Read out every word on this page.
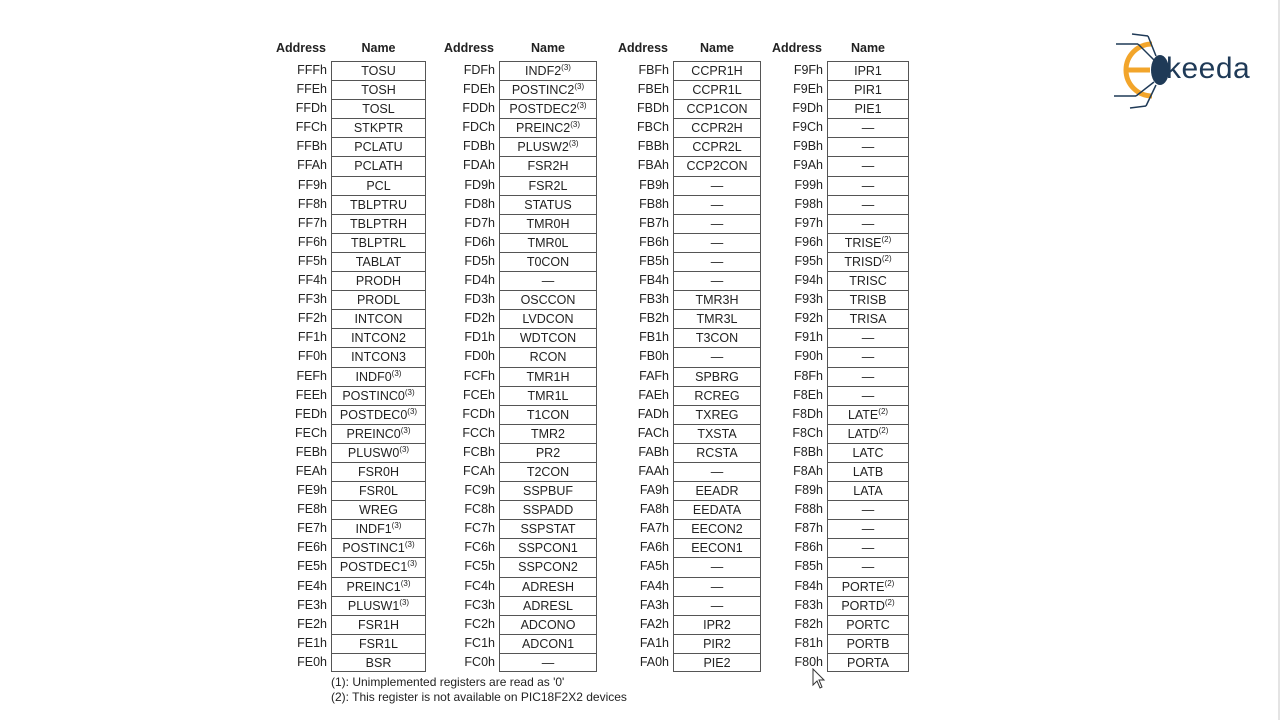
Address	Name
FFFh	TOSU
FFEh	TOSH
FFDh	TOSL
FFCh	STKPTR
FFBh	PCLATU
FFAh	PCLATH
FF9h	PCL
FF8h	TBLPTRU
FF7h	TBLPTRH
FF6h	TBLPTRL
FF5h	TABLAT
FF4h	PRODH
FF3h	PRODL
FF2h	INTCON
FF1h	INTCON2
FF0h	INTCON3
FEFh	INDF0$^{(3)}$
FEEh	POSTINC0$^{(3)}$
FEDh	POSTDEC0$^{(3)}$
FECh	PREINC0$^{(3)}$
FEBh	PLUSW0$^{(3)}$
FEAh	FSR0H
FE9h	FSR0L
FE8h	WREG
FE7h	INDF1$^{(3)}$
FE6h	POSTINC1$^{(3)}$
FE5h	POSTDEC1$^{(3)}$
FE4h	PREINC1$^{(3)}$
FE3h	PLUSW1$^{(3)}$
FE2h	FSR1H
FE1h	FSR1L
FE0h	BSR
Address	Name
FDFh	INDF2$^{(3)}$
FDEh	POSTINC2$^{(3)}$
FDDh	POSTDEC2$^{(3)}$
FDCh	PREINC2$^{(3)}$
FDBh	PLUSW2$^{(3)}$
FDAh	FSR2H
FD9h	FSR2L
FD8h	STATUS
FD7h	TMR0H
FD6h	TMR0L
FD5h	T0CON
FD4h	—
FD3h	OSCCON
FD2h	LVDCON
FD1h	WDTCON
FD0h	RCON
FCFh	TMR1H
FCEh	TMR1L
FCDh	T1CON
FCCh	TMR2
FCBh	PR2
FCAh	T2CON
FC9h	SSPBUF
FC8h	SSPADD
FC7h	SSPSTAT
FC6h	SSPCON1
FC5h	SSPCON2
FC4h	ADRESH
FC3h	ADRESL
FC2h	ADCONO
FC1h	ADCON1
FC0h	—
Address	Name
FBFh	CCPR1H
FBEh	CCPR1L
FBDh	CCP1CON
FBCh	CCPR2H
FBBh	CCPR2L
FBAh	CCP2CON
FB9h	—
FB8h	—
FB7h	—
FB6h	—
FB5h	—
FB4h	—
FB3h	TMR3H
FB2h	TMR3L
FB1h	T3CON
FB0h	—
FAFh	SPBRG
FAEh	RCREG
FADh	TXREG
FACh	TXSTA
FABh	RCSTA
FAAh	—
FA9h	EEADR
FA8h	EEDATA
FA7h	EECON2
FA6h	EECON1
FA5h	—
FA4h	—
FA3h	—
FA2h	IPR2
FA1h	PIR2
FA0h	PIE2
Address	Name
F9Fh	IPR1
F9Eh	PIR1
F9Dh	PIE1
F9Ch	—
F9Bh	—
F9Ah	—
F99h	—
F98h	—
F97h	—
F96h	TRISE$^{(2)}$
F95h	TRISD$^{(2)}$
F94h	TRISC
F93h	TRISB
F92h	TRISA
F91h	—
F90h	—
F8Fh	—
F8Eh	—
F8Dh	LATE$^{(2)}$
F8Ch	LATD$^{(2)}$
F8Bh	LATC
F8Ah	LATB
F89h	LATA
F88h	—
F87h	—
F86h	—
F85h	—
F84h	PORTE$^{(2)}$
F83h	PORTD$^{(2)}$
F82h	PORTC
F81h	PORTB
F80h	PORTA
(1): Unimplemented registers are read as '0'
(2): This register is not available on PIC18F2X2 devices
keeda
